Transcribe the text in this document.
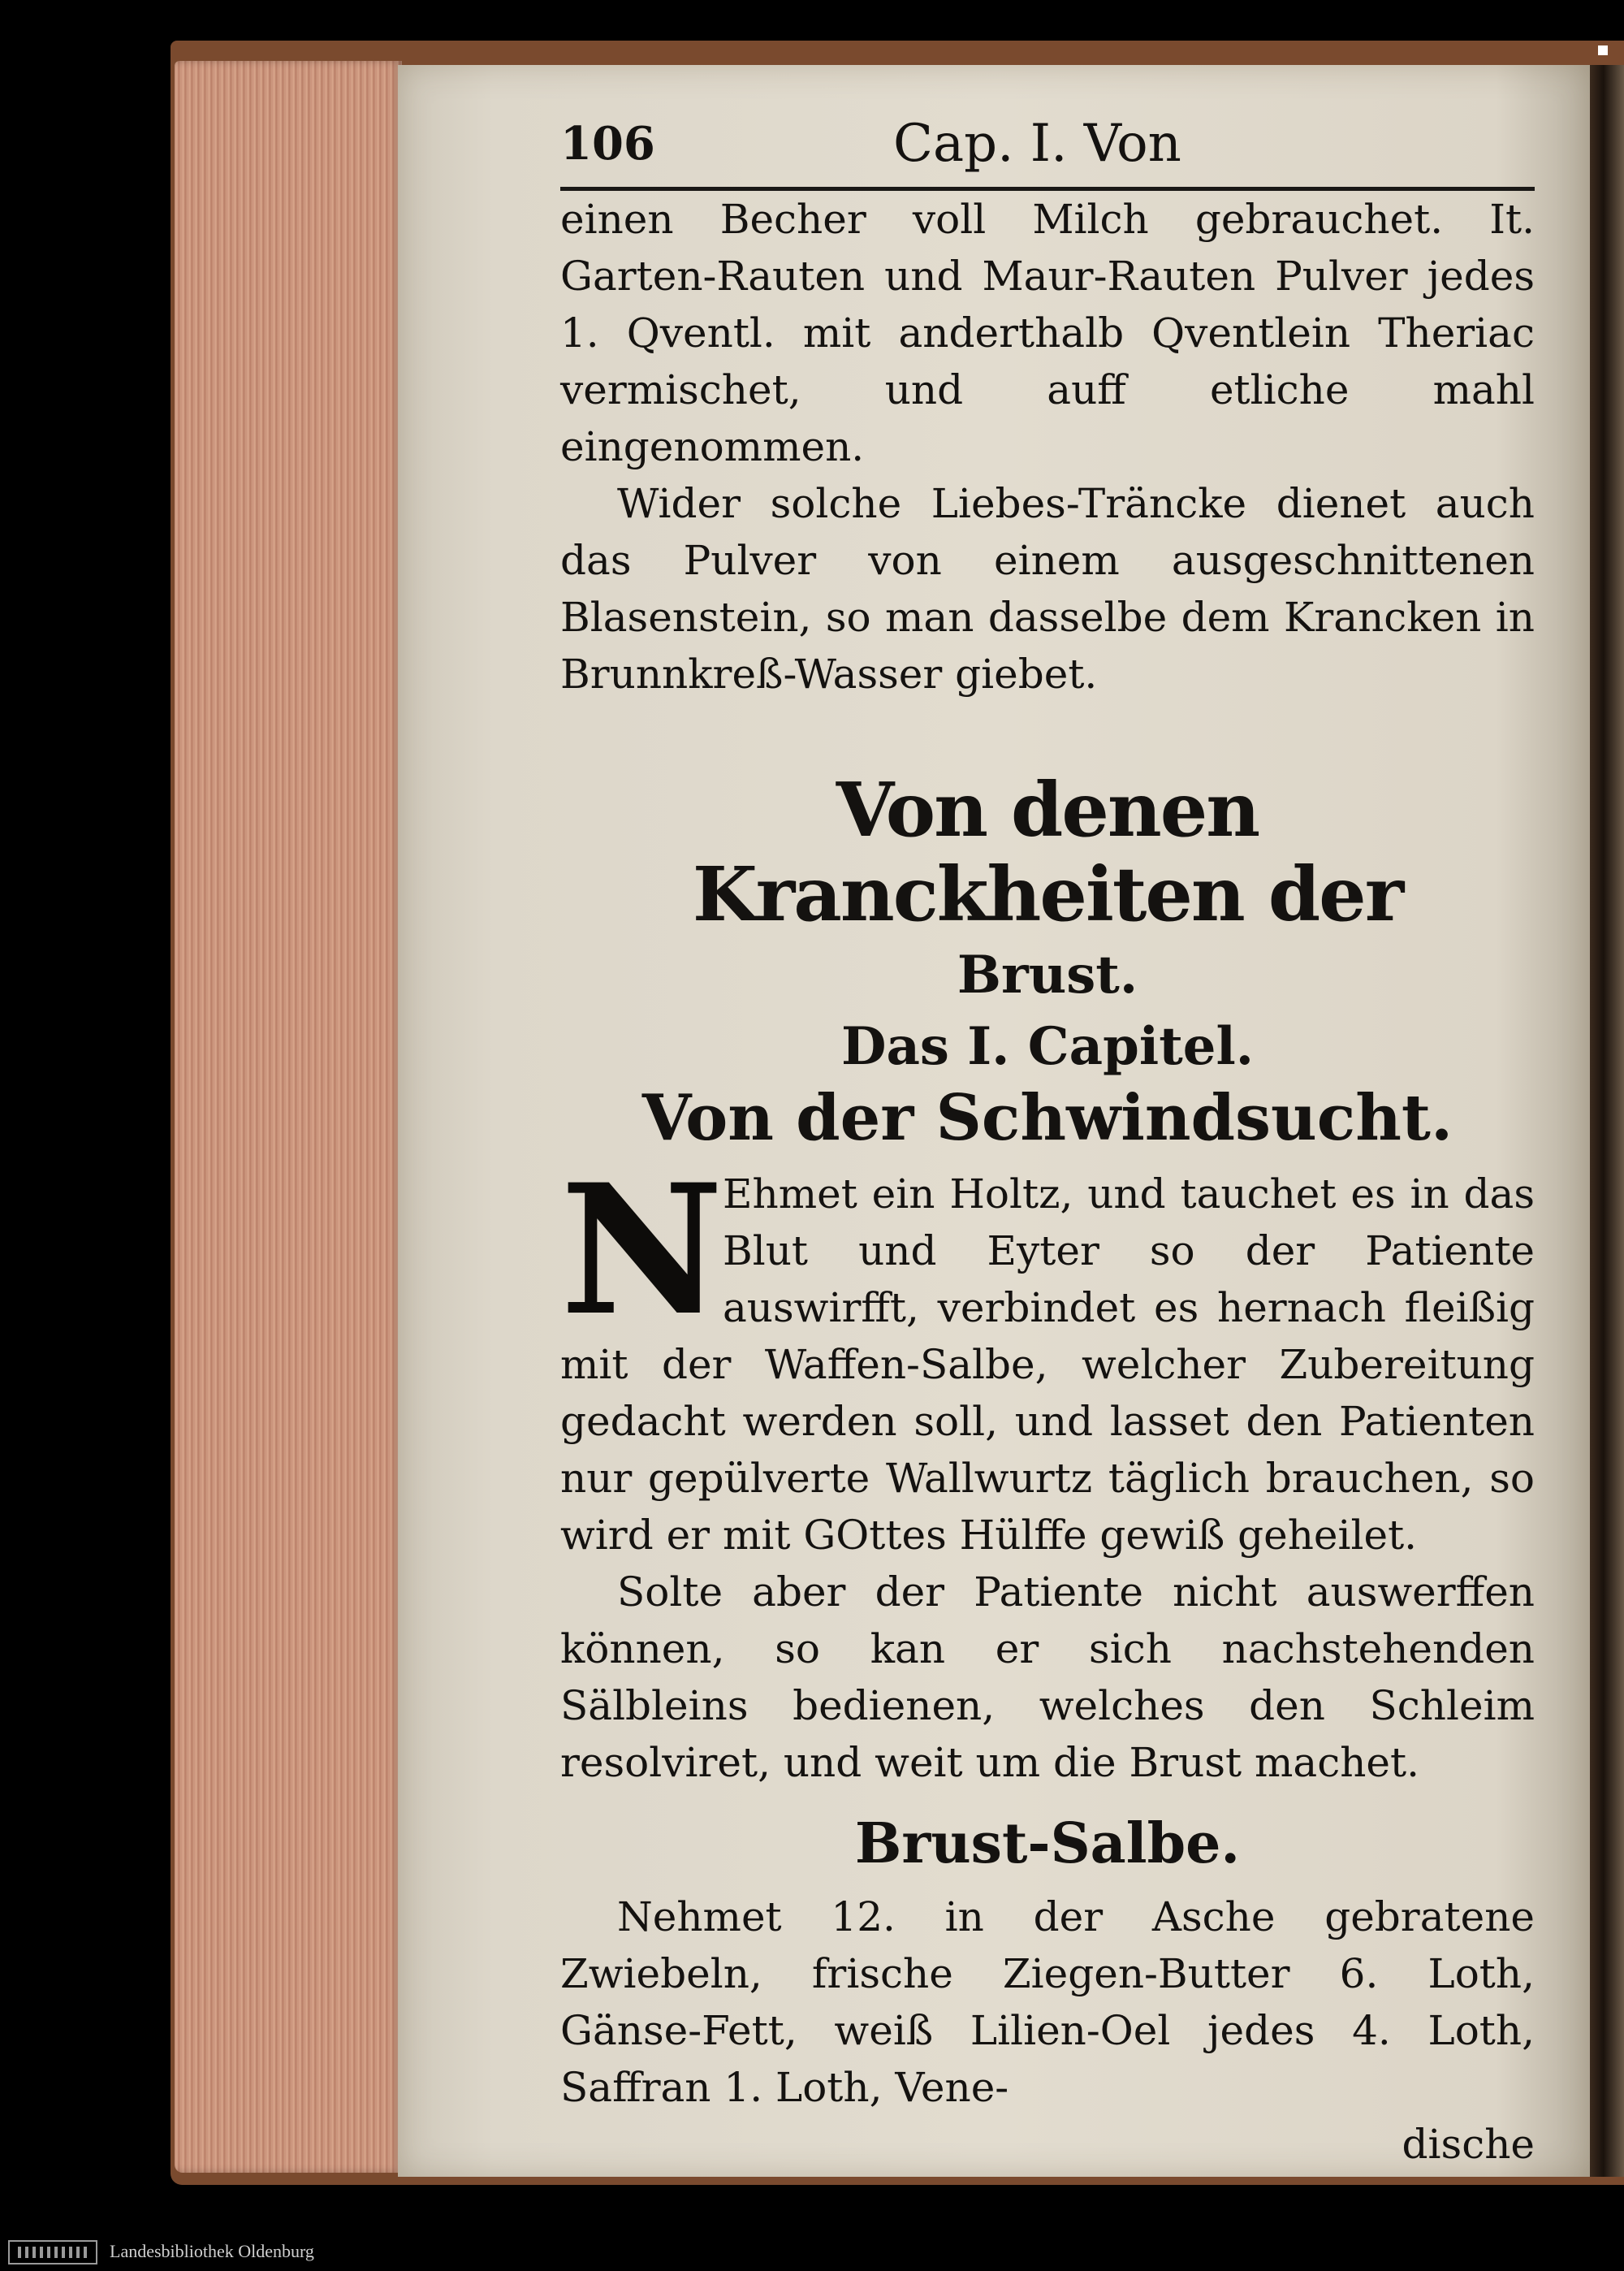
106	Cap. I. Von

einen Becher voll Milch gebrauchet. It. Garten-Rauten und Maur-Rauten Pulver jedes 1. Qventl. mit anderthalb Qventlein Theriac vermischet, und auff etliche mahl eingenommen.

Wider solche Liebes-Träncke dienet auch das Pulver von einem ausgeschnittenen Blasenstein, so man dasselbe dem Krancken in Brunnkreß-Wasser giebet.

Von denen Kranckheiten der
Brust.
Das I. Capitel.
Von der Schwindsucht.
N

Ehmet ein Holtz, und tauchet es in das Blut und Eyter so der Patiente auswirfft, verbindet es hernach fleißig mit der Waffen-Salbe, welcher Zubereitung gedacht werden soll, und lasset den Patienten nur gepülverte Wallwurtz täglich brauchen, so wird er mit GOttes Hülffe gewiß geheilet.

Solte aber der Patiente nicht auswerffen können, so kan er sich nachstehenden Sälbleins bedienen, welches den Schleim resolviret, und weit um die Brust machet.

Brust-Salbe.

Nehmet 12. in der Asche gebratene Zwiebeln, frische Ziegen-Butter 6. Loth, Gänse-Fett, weiß Lilien-Oel jedes 4. Loth, Saffran 1. Loth, Vene-

dische
Landesbibliothek Oldenburg
